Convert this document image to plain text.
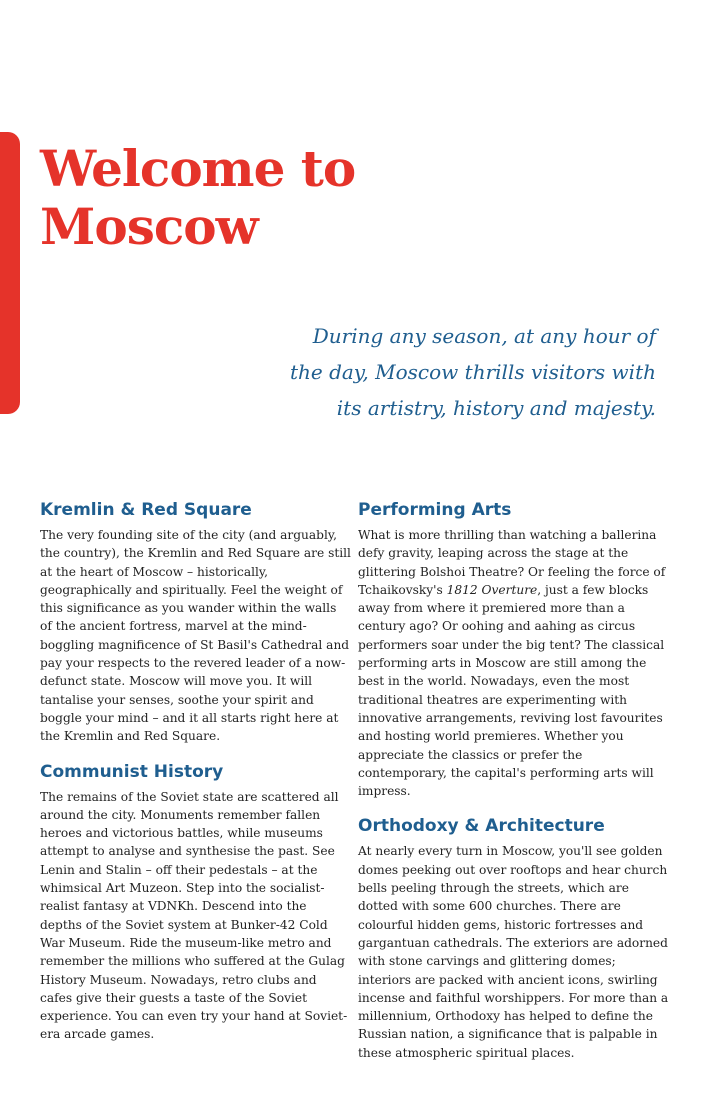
Welcome to
Moscow

During any season, at any hour of
the day, Moscow thrills visitors with
its artistry, history and majesty.

Kremlin & Red Square

The very founding site of the city (and arguably, the country), the Kremlin and Red Square are still at the heart of Moscow – historically, geographically and spiritually. Feel the weight of this significance as you wander within the walls of the ancient fortress, marvel at the mind-boggling magnificence of St Basil's Cathedral and pay your respects to the revered leader of a now-defunct state. Moscow will move you. It will tantalise your senses, soothe your spirit and boggle your mind – and it all starts right here at the Kremlin and Red Square.

Communist History

The remains of the Soviet state are scattered all around the city. Monuments remember fallen heroes and victorious battles, while museums attempt to analyse and synthesise the past. See Lenin and Stalin – off their pedestals – at the whimsical Art Muzeon. Step into the socialist-realist fantasy at VDNKh. Descend into the depths of the Soviet system at Bunker-42 Cold War Museum. Ride the museum-like metro and remember the millions who suffered at the Gulag History Museum. Nowadays, retro clubs and cafes give their guests a taste of the Soviet experience. You can even try your hand at Soviet-era arcade games.

Performing Arts

What is more thrilling than watching a ballerina defy gravity, leaping across the stage at the glittering Bolshoi Theatre? Or feeling the force of Tchaikovsky's 1812 Overture, just a few blocks away from where it premiered more than a century ago? Or oohing and aahing as circus performers soar under the big tent? The classical performing arts in Moscow are still among the best in the world. Nowadays, even the most traditional theatres are experimenting with innovative arrangements, reviving lost favourites and hosting world premieres. Whether you appreciate the classics or prefer the contemporary, the capital's performing arts will impress.

Orthodoxy & Architecture

At nearly every turn in Moscow, you'll see golden domes peeking out over rooftops and hear church bells peeling through the streets, which are dotted with some 600 churches. There are colourful hidden gems, historic fortresses and gargantuan cathedrals. The exteriors are adorned with stone carvings and glittering domes; interiors are packed with ancient icons, swirling incense and faithful worshippers. For more than a millennium, Orthodoxy has helped to define the Russian nation, a significance that is palpable in these atmospheric spiritual places.
